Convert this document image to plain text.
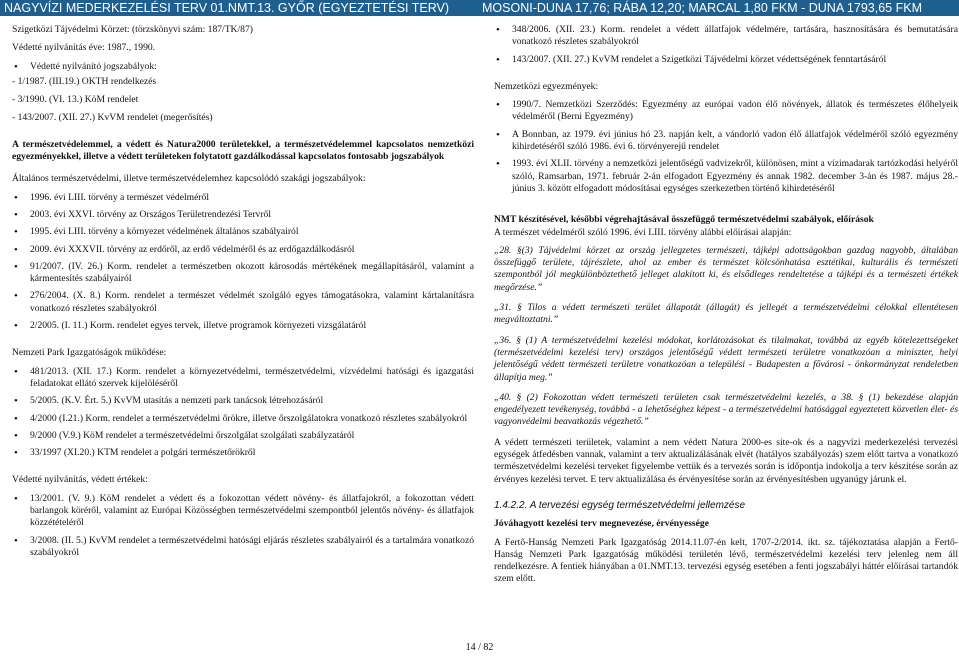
NAGYVÍZI MEDERKEZELÉSI TERV 01.NMT.13. GYŐR (EGYEZTETÉSI TERV)	MOSONI-DUNA 17,76; RÁBA 12,20; MARCAL 1,80 FKM - DUNA 1793,65 FKM

Szigetközi Tájvédelmi Körzet: (törzskönyvi szám: 187/TK/87)

Védetté nyilvánítás éve: 1987., 1990.

• Védetté nyilvánító jogszabályok:

- 1/1987. (III.19.) OKTH rendelkezés

- 3/1990. (VI. 13.) KöM rendelet

- 143/2007. (XII. 27.) KvVM rendelet (megerősítés)

A természetvédelemmel, a védett és Natura2000 területekkel, a természetvédelemmel kapcsolatos nemzetközi egyezményekkel, illetve a védett területeken folytatott gazdálkodással kapcsolatos fontosabb jogszabályok

Általános természetvédelmi, illetve természetvédelemhez kapcsolódó szakági jogszabályok:

• 1996. évi LIII. törvény a természet védelméről
• 2003. évi XXVI. törvény az Országos Területrendezési Tervről
• 1995. évi LIII. törvény a környezet védelmének általános szabályairól
• 2009. évi XXXVII. törvény az erdőről, az erdő védelméről és az erdőgazdálkodásról
• 91/2007. (IV. 26.) Korm. rendelet a természetben okozott károsodás mértékének megállapításáról, valamint a kármentesítés szabályairól
• 276/2004. (X. 8.) Korm. rendelet a természet védelmét szolgáló egyes támogatásokra, valamint kártalanításra vonatkozó részletes szabályokról
• 2/2005. (I. 11.) Korm. rendelet egyes tervek, illetve programok környezeti vizsgálatáról

Nemzeti Park Igazgatóságok működése:

• 481/2013. (XII. 17.) Korm. rendelet a környezetvédelmi, természetvédelmi, vízvédelmi hatósági és igazgatási feladatokat ellátó szervek kijelöléséről
• 5/2005. (K.V. Ért. 5.) KvVM utasítás a nemzeti park tanácsok létrehozásáról
• 4/2000 (I.21.) Korm. rendelet a természetvédelmi őrökre, illetve őrszolgálatokra vonatkozó részletes szabályokról
• 9/2000 (V.9.) KöM rendelet a természetvédelmi őrszolgálat szolgálati szabályzatáról
• 33/1997 (XI.20.) KTM rendelet a polgári természetőrökről

Védetté nyilvánítás, védett értékek:

• 13/2001. (V. 9.) KöM rendelet a védett és a fokozottan védett növény- és állatfajokról, a fokozottan védett barlangok köréről, valamint az Európai Közösségben természetvédelmi szempontból jelentős növény- és állatfajok közzétételéről
• 3/2008. (II. 5.) KvVM rendelet a természetvédelmi hatósági eljárás részletes szabályairól és a tartalmára vonatkozó szabályokról
• 348/2006. (XII. 23.) Korm. rendelet a védett állatfajok védelmére, tartására, hasznosítására és bemutatására vonatkozó részletes szabályokról
• 143/2007. (XII. 27.) KvVM rendelet a Szigetközi Tájvédelmi körzet védettségének fenntartásáról

Nemzetközi egyezmények:

• 1990/7. Nemzetközi Szerződés: Egyezmény az európai vadon élő növények, állatok és természetes élőhelyeik védelméről (Berni Egyezmény)
• A Bonnban, az 1979. évi június hó 23. napján kelt, a vándorló vadon élő állatfajok védelméről szóló egyezmény kihirdetéséről szóló 1986. évi 6. törvényerejű rendelet
• 1993. évi XLII. törvény a nemzetközi jelentőségű vadvizekről, különösen, mint a vízimadarak tartózkodási helyéről szóló, Ramsarban, 1971. február 2-án elfogadott Egyezmény és annak 1982. december 3-án és 1987. május 28.-június 3. között elfogadott módosításai egységes szerkezetben történő kihirdetéséről

NMT készítésével, későbbi végrehajtásával összefüggő természetvédelmi szabályok, előírások

A természet védelméről szóló 1996. évi LIII. törvény alábbi előírásai alapján:

„28. §(3) Tájvédelmi körzet az ország jellegzetes természeti, tájképi adottságokban gazdag nagyobb, általában összefüggő területe, tájrészlete, ahol az ember és természet kölcsönhatása esztétikai, kulturális és természeti szempontból jól megkülönböztethető jelleget alakított ki, és elsődleges rendeltetése a tájképi és a természeti értékek megőrzése.”

„31. § Tilos a védett természeti terület állapotát (állagát) és jellegét a természetvédelmi célokkal ellentétesen megváltoztatni.”

„36. § (1) A természetvédelmi kezelési módokat, korlátozásokat és tilalmakat, továbbá az egyéb kötelezettségeket (természetvédelmi kezelési terv) országos jelentőségű védett természeti területre vonatkozóan a miniszter, helyi jelentőségű védett természeti területre vonatkozóan a települési - Budapesten a fővárosi - önkormányzat rendeletben állapítja meg.”

„40. § (2) Fokozottan védett természeti területen csak természetvédelmi kezelés, a 38. § (1) bekezdése alapján engedélyezett tevékenység, továbbá - a lehetőséghez képest - a természetvédelmi hatósággal egyeztetett közvetlen élet- és vagyonvédelmi beavatkozás végezhető.”

A védett természeti területek, valamint a nem védett Natura 2000-es site-ok és a nagyvízi mederkezelési tervezési egységek átfedésben vannak, valamint a terv aktualizálásának elvét (hatályos szabályozás) szem előtt tartva a vonatkozó természetvédelmi kezelési terveket figyelembe vettük és a tervezés során is időpontja indokolja a terv készítése során az érvényes kezelési tervet. E terv aktualizálása és érvényesítése során az érvényesítésben ugyanúgy járunk el.

1.4.2.2. A tervezési egység természetvédelmi jellemzése

Jóváhagyott kezelési terv megnevezése, érvényessége

A Fertő-Hanság Nemzeti Park Igazgatóság 2014.11.07-én kelt, 1707-2/2014. ikt. sz. tájékoztatása alapján a Fertő-Hanság Nemzeti Park Igazgatóság működési területén lévő, természetvédelmi kezelési terv jelenleg nem áll rendelkezésre. A fentiek hiányában a 01.NMT.13. tervezési egység esetében a fenti jogszabályi háttér előírásai tartandók szem előtt.

14 / 82
